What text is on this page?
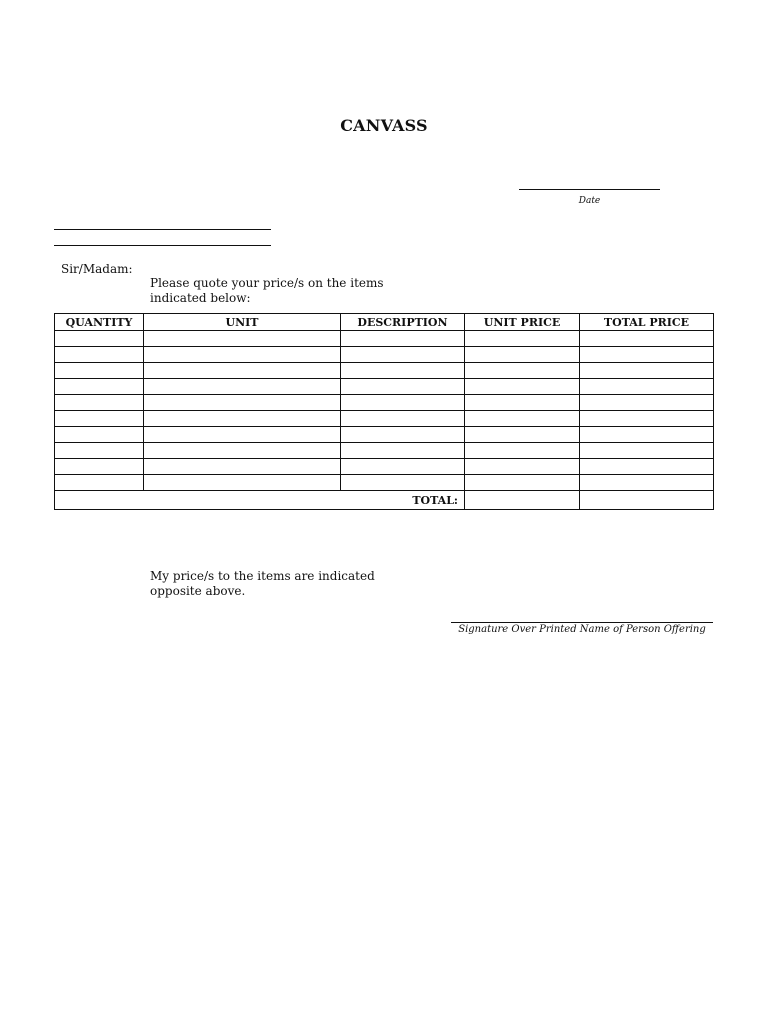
CANVASS
Date
Sir/Madam:
Please quote your price/s on the items indicated below:
QUANTITY	UNIT	DESCRIPTION	UNIT PRICE	TOTAL PRICE

TOTAL:				
My price/s to the items are indicated opposite above.
Signature Over Printed Name of Person Offering
